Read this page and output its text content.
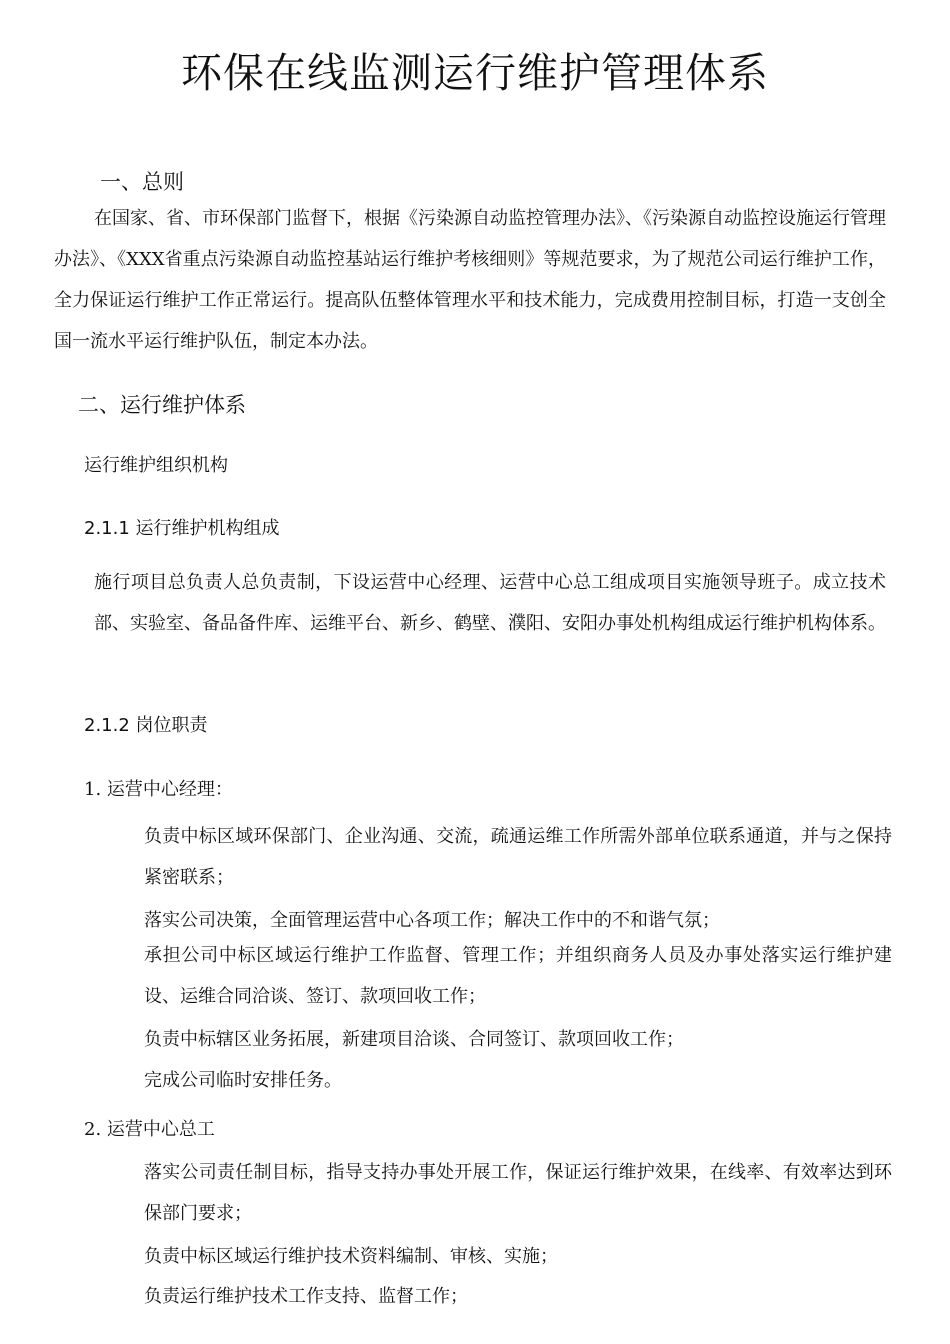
环保在线监测运行维护管理体系
一、总则

在国家、省、市环保部门监督下，根据《污染源自动监控管理办法》、《污染源自动监控设施运行管理办法》、《XXX省重点污染源自动监控基站运行维护考核细则》等规范要求，为了规范公司运行维护工作，全力保证运行维护工作正常运行。提高队伍整体管理水平和技术能力，完成费用控制目标，打造一支创全国一流水平运行维护队伍，制定本办法。

二、运行维护体系

运行维护组织机构

2.1.1 运行维护机构组成

施行项目总负责人总负责制，下设运营中心经理、运营中心总工组成项目实施领导班子。成立技术部、实验室、备品备件库、运维平台、新乡、鹤壁、濮阳、安阳办事处机构组成运行维护机构体系。

2.1.2 岗位职责

1. 运营中心经理：

负责中标区域环保部门、企业沟通、交流，疏通运维工作所需外部单位联系通道，并与之保持紧密联系；

落实公司决策，全面管理运营中心各项工作；解决工作中的不和谐气氛；

承担公司中标区域运行维护工作监督、管理工作；并组织商务人员及办事处落实运行维护建设、运维合同洽谈、签订、款项回收工作；

负责中标辖区业务拓展，新建项目洽谈、合同签订、款项回收工作；

完成公司临时安排任务。

2. 运营中心总工

落实公司责任制目标，指导支持办事处开展工作，保证运行维护效果，在线率、有效率达到环保部门要求；

负责中标区域运行维护技术资料编制、审核、实施；

负责运行维护技术工作支持、监督工作；
